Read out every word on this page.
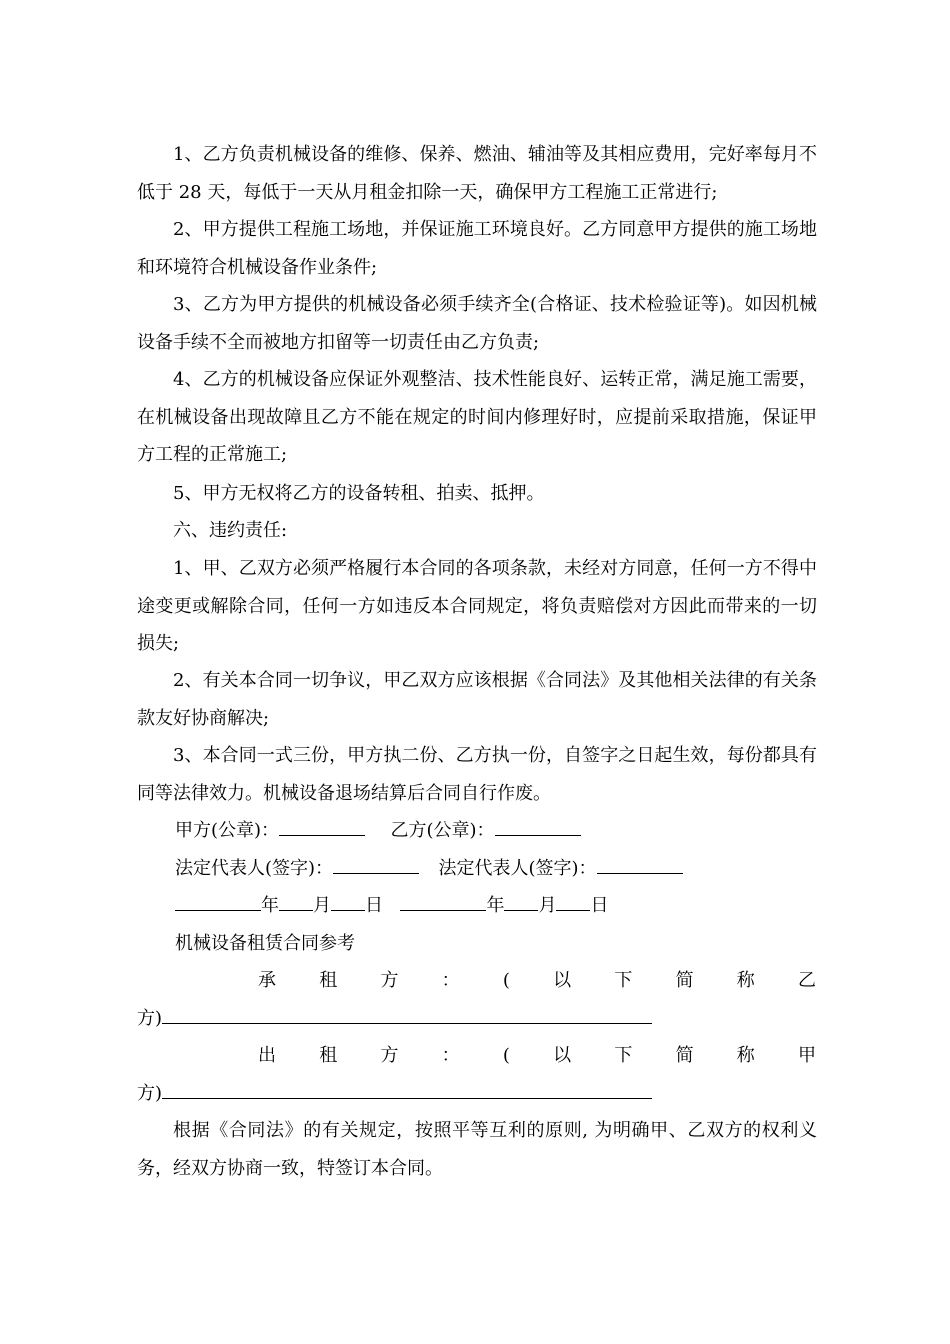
1、乙方负责机械设备的维修、保养、燃油、辅油等及其相应费用，完好率每月不低于 28 天，每低于一天从月租金扣除一天，确保甲方工程施工正常进行;

2、甲方提供工程施工场地，并保证施工环境良好。乙方同意甲方提供的施工场地和环境符合机械设备作业条件;

3、乙方为甲方提供的机械设备必须手续齐全(合格证、技术检验证等)。如因机械设备手续不全而被地方扣留等一切责任由乙方负责;

4、乙方的机械设备应保证外观整洁、技术性能良好、运转正常，满足施工需要，在机械设备出现故障且乙方不能在规定的时间内修理好时，应提前采取措施，保证甲方工程的正常施工;

5、甲方无权将乙方的设备转租、拍卖、抵押。

六、违约责任:

1、甲、乙双方必须严格履行本合同的各项条款，未经对方同意，任何一方不得中途变更或解除合同，任何一方如违反本合同规定，将负责赔偿对方因此而带来的一切损失;

2、有关本合同一切争议，甲乙双方应该根据《合同法》及其他相关法律的有关条款友好协商解决;

3、本合同一式三份，甲方执二份、乙方执一份，自签字之日起生效，每份都具有同等法律效力。机械设备退场结算后合同自行作废。

甲方(公章)：	乙方(公章)：
法定代表人(签字)：	法定代表人(签字)：
年 月 日	年 月 日
机械设备租赁合同参考
承 租 方 ： ( 以 下 简 称 乙
方)
出 租 方 ： ( 以 下 简 称 甲
方)

根据《合同法》的有关规定，按照平等互利的原则, 为明确甲、乙双方的权利义务，经双方协商一致，特签订本合同。
